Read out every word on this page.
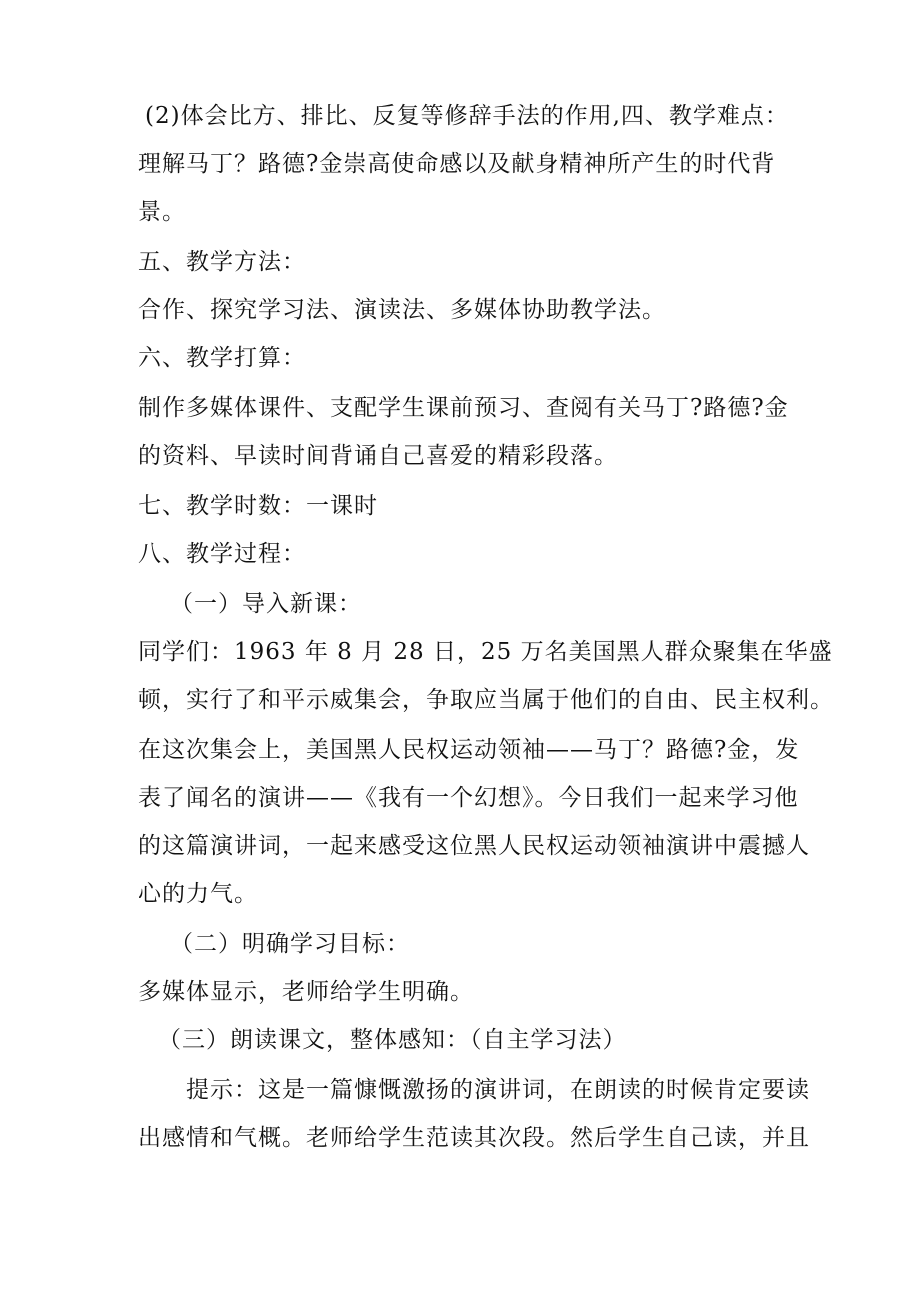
(2)体会比方、排比、反复等修辞手法的作用,四、教学难点：
理解马丁？路德?金崇高使命感以及献身精神所产生的时代背
景。
五、教学方法：
合作、探究学习法、演读法、多媒体协助教学法。
六、教学打算：
制作多媒体课件、支配学生课前预习、查阅有关马丁?路德?金
的资料、早读时间背诵自己喜爱的精彩段落。
七、教学时数：一课时
八、教学过程：
（一）导入新课：
同学们：1963 年 8 月 28 日，25 万名美国黑人群众聚集在华盛
顿，实行了和平示威集会，争取应当属于他们的自由、民主权利。
在这次集会上，美国黑人民权运动领袖——马丁？路德?金，发
表了闻名的演讲——《我有一个幻想》。今日我们一起来学习他
的这篇演讲词，一起来感受这位黑人民权运动领袖演讲中震撼人
心的力气。
（二）明确学习目标：
多媒体显示，老师给学生明确。
（三）朗读课文，整体感知：（自主学习法）
提示：这是一篇慷慨激扬的演讲词，在朗读的时候肯定要读
出感情和气概。老师给学生范读其次段。然后学生自己读，并且
